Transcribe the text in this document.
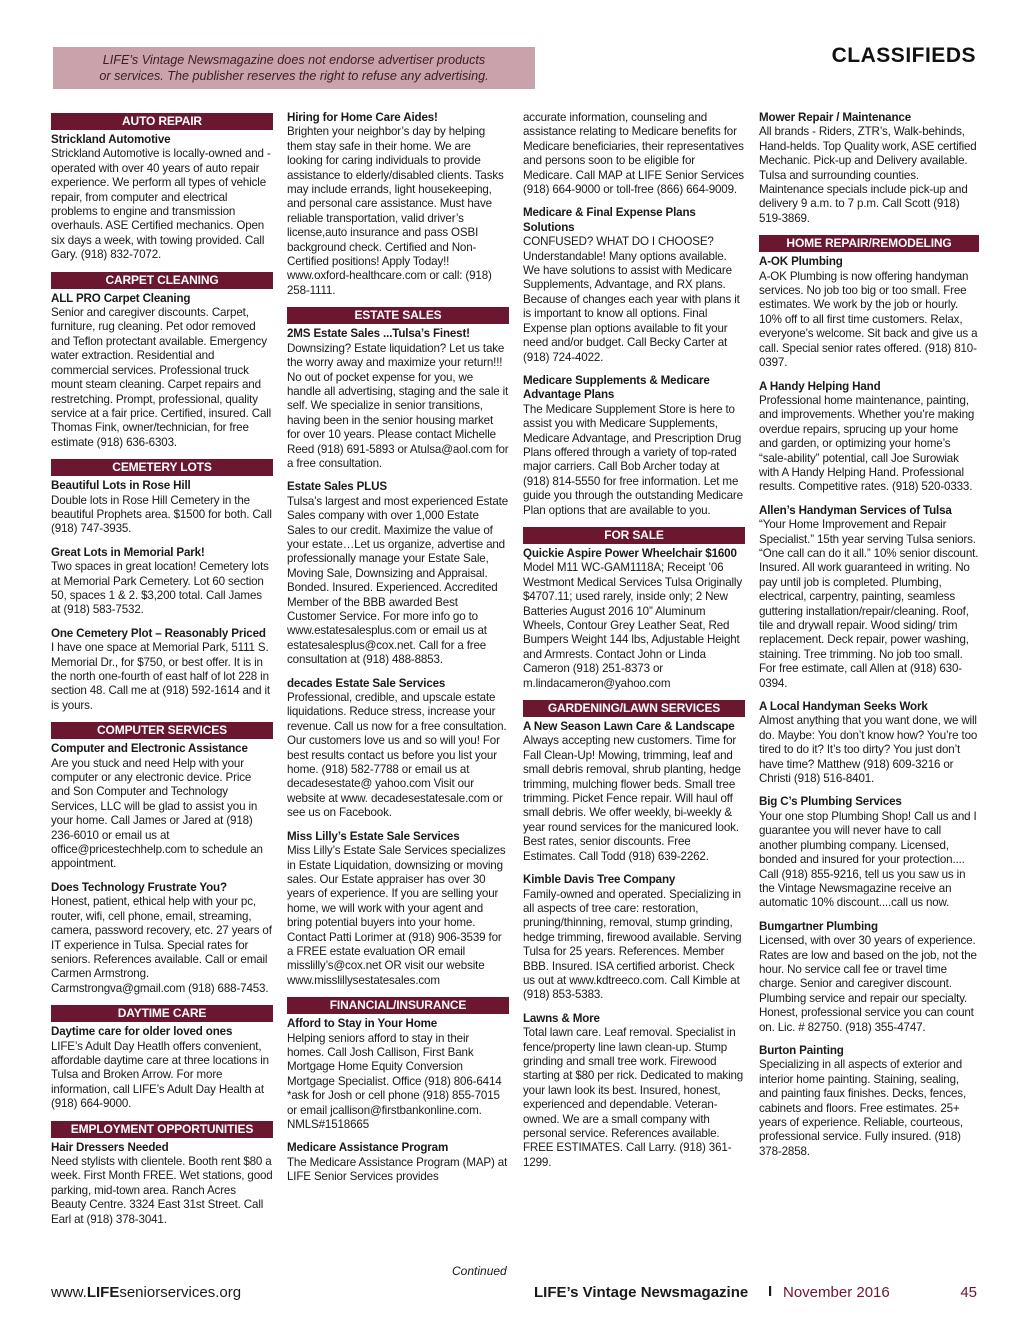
LIFE’s Vintage Newsmagazine does not endorse advertiser products
or services. The publisher reserves the right to refuse any advertising.
CLASSIFIEDS
AUTO REPAIR
Strickland Automotive
Strickland Automotive is locally-owned and - operated with over 40 years of auto repair experience. We perform all types of vehicle repair, from computer and electrical problems to engine and transmission overhauls. ASE Certified mechanics. Open six days a week, with towing provided. Call Gary. (918) 832-7072.
CARPET CLEANING
ALL PRO Carpet Cleaning
Senior and caregiver discounts. Carpet, furniture, rug cleaning. Pet odor removed and Teflon protectant available. Emergency water extraction. Residential and commercial services. Professional truck mount steam cleaning. Carpet repairs and restretching. Prompt, professional, quality service at a fair price. Certified, insured. Call Thomas Fink, owner/technician, for free estimate (918) 636-6303.
CEMETERY LOTS
Beautiful Lots in Rose Hill
Double lots in Rose Hill Cemetery in the beautiful Prophets area. $1500 for both. Call (918) 747-3935.
Great Lots in Memorial Park!
Two spaces in great location! Cemetery lots at Memorial Park Cemetery. Lot 60 section 50, spaces 1 & 2. $3,200 total. Call James at (918) 583-7532.
One Cemetery Plot – Reasonably Priced
I have one space at Memorial Park, 5111 S. Memorial Dr., for $750, or best offer. It is in the north one-fourth of east half of lot 228 in section 48. Call me at (918) 592-1614 and it is yours.
COMPUTER SERVICES
Computer and Electronic Assistance
Are you stuck and need Help with your computer or any electronic device. Price and Son Computer and Technology Services, LLC will be glad to assist you in your home. Call James or Jared at (918) 236-6010 or email us at office@pricestechhelp.com to schedule an appointment.
Does Technology Frustrate You?
Honest, patient, ethical help with your pc, router, wifi, cell phone, email, streaming, camera, password recovery, etc. 27 years of IT experience in Tulsa. Special rates for seniors. References available. Call or email Carmen Armstrong. Carmstrongva@gmail.com (918) 688-7453.
DAYTIME CARE
Daytime care for older loved ones
LIFE’s Adult Day Heatlh offers convenient, affordable daytime care at three locations in Tulsa and Broken Arrow. For more information, call LIFE’s Adult Day Health at (918) 664-9000.
EMPLOYMENT OPPORTUNITIES
Hair Dressers Needed
Need stylists with clientele. Booth rent $80 a week. First Month FREE. Wet stations, good parking, mid-town area. Ranch Acres Beauty Centre. 3324 East 31st Street. Call Earl at (918) 378-3041.
Hiring for Home Care Aides!
Brighten your neighbor’s day by helping them stay safe in their home. We are looking for caring individuals to provide assistance to elderly/disabled clients. Tasks may include errands, light housekeeping, and personal care assistance. Must have reliable transportation, valid driver’s license,auto insurance and pass OSBI background check. Certified and Non-Certified positions! Apply Today!! www.oxford-healthcare.com or call: (918) 258-1111.
ESTATE SALES
2MS Estate Sales ...Tulsa’s Finest!
Downsizing? Estate liquidation? Let us take the worry away and maximize your return!!! No out of pocket expense for you, we handle all advertising, staging and the sale it self. We specialize in senior transitions, having been in the senior housing market for over 10 years. Please contact Michelle Reed (918) 691-5893 or Atulsa@aol.com for a free consultation.
Estate Sales PLUS
Tulsa’s largest and most experienced Estate Sales company with over 1,000 Estate Sales to our credit. Maximize the value of your estate…Let us organize, advertise and professionally manage your Estate Sale, Moving Sale, Downsizing and Appraisal. Bonded. Insured. Experienced. Accredited Member of the BBB awarded Best Customer Service. For more info go to www.estatesalesplus.com or email us at estatesalesplus@cox.net. Call for a free consultation at (918) 488-8853.
decades Estate Sale Services
Professional, credible, and upscale estate liquidations. Reduce stress, increase your revenue. Call us now for a free consultation. Our customers love us and so will you! For best results contact us before you list your home. (918) 582-7788 or email us at decadesestate@ yahoo.com Visit our website at www. decadesestatesale.com or see us on Facebook.
Miss Lilly’s Estate Sale Services
Miss Lilly’s Estate Sale Services specializes in Estate Liquidation, downsizing or moving sales. Our Estate appraiser has over 30 years of experience. If you are selling your home, we will work with your agent and bring potential buyers into your home. Contact Patti Lorimer at (918) 906-3539 for a FREE estate evaluation OR email misslilly’s@cox.net OR visit our website www.misslillysestatesales.com
FINANCIAL/INSURANCE
Afford to Stay in Your Home
Helping seniors afford to stay in their homes. Call Josh Callison, First Bank Mortgage Home Equity Conversion Mortgage Specialist. Office (918) 806-6414 *ask for Josh or cell phone (918) 855-7015 or email jcallison@firstbankonline.com. NMLS#1518665
Medicare Assistance Program
The Medicare Assistance Program (MAP) at LIFE Senior Services provides
accurate information, counseling and assistance relating to Medicare benefits for Medicare beneficiaries, their representatives and persons soon to be eligible for Medicare. Call MAP at LIFE Senior Services (918) 664-9000 or toll-free (866) 664-9009.
Medicare & Final Expense Plans Solutions
CONFUSED? WHAT DO I CHOOSE? Understandable! Many options available. We have solutions to assist with Medicare Supplements, Advantage, and RX plans. Because of changes each year with plans it is important to know all options. Final Expense plan options available to fit your need and/or budget. Call Becky Carter at (918) 724-4022.
Medicare Supplements & Medicare Advantage Plans
The Medicare Supplement Store is here to assist you with Medicare Supplements, Medicare Advantage, and Prescription Drug Plans offered through a variety of top-rated major carriers. Call Bob Archer today at (918) 814-5550 for free information. Let me guide you through the outstanding Medicare Plan options that are available to you.
FOR SALE
Quickie Aspire Power Wheelchair $1600
Model M11 WC-GAM1118A; Receipt ’06 Westmont Medical Services Tulsa Originally $4707.11; used rarely, inside only; 2 New Batteries August 2016 10” Aluminum Wheels, Contour Grey Leather Seat, Red Bumpers Weight 144 lbs, Adjustable Height and Armrests. Contact John or Linda Cameron (918) 251-8373 or m.lindacameron@yahoo.com
GARDENING/LAWN SERVICES
A New Season Lawn Care & Landscape
Always accepting new customers. Time for Fall Clean-Up! Mowing, trimming, leaf and small debris removal, shrub planting, hedge trimming, mulching flower beds. Small tree trimming. Picket Fence repair. Will haul off small debris. We offer weekly, bi-weekly & year round services for the manicured look. Best rates, senior discounts. Free Estimates. Call Todd (918) 639-2262.
Kimble Davis Tree Company
Family-owned and operated. Specializing in all aspects of tree care: restoration, pruning/thinning, removal, stump grinding, hedge trimming, firewood available. Serving Tulsa for 25 years. References. Member BBB. Insured. ISA certified arborist. Check us out at www.kdtreeco.com. Call Kimble at (918) 853-5383.
Lawns & More
Total lawn care. Leaf removal. Specialist in fence/property line lawn clean-up. Stump grinding and small tree work. Firewood starting at $80 per rick. Dedicated to making your lawn look its best. Insured, honest, experienced and dependable. Veteran-owned. We are a small company with personal service. References available. FREE ESTIMATES. Call Larry. (918) 361-1299.
Mower Repair / Maintenance
All brands - Riders, ZTR’s, Walk-behinds, Hand-helds. Top Quality work, ASE certified Mechanic. Pick-up and Delivery available. Tulsa and surrounding counties. Maintenance specials include pick-up and delivery 9 a.m. to 7 p.m. Call Scott (918) 519-3869.
HOME REPAIR/REMODELING
A-OK Plumbing
A-OK Plumbing is now offering handyman services. No job too big or too small. Free estimates. We work by the job or hourly. 10% off to all first time customers. Relax, everyone’s welcome. Sit back and give us a call. Special senior rates offered. (918) 810-0397.
A Handy Helping Hand
Professional home maintenance, painting, and improvements. Whether you’re making overdue repairs, sprucing up your home and garden, or optimizing your home’s “sale-ability” potential, call Joe Surowiak with A Handy Helping Hand. Professional results. Competitive rates. (918) 520-0333.
Allen’s Handyman Services of Tulsa
“Your Home Improvement and Repair Specialist.” 15th year serving Tulsa seniors. “One call can do it all.” 10% senior discount. Insured. All work guaranteed in writing. No pay until job is completed. Plumbing, electrical, carpentry, painting, seamless guttering installation/repair/cleaning. Roof, tile and drywall repair. Wood siding/ trim replacement. Deck repair, power washing, staining. Tree trimming. No job too small. For free estimate, call Allen at (918) 630-0394.
A Local Handyman Seeks Work
Almost anything that you want done, we will do. Maybe: You don’t know how? You’re too tired to do it? It’s too dirty? You just don’t have time? Matthew (918) 609-3216 or Christi (918) 516-8401.
Big C’s Plumbing Services
Your one stop Plumbing Shop! Call us and I guarantee you will never have to call another plumbing company. Licensed, bonded and insured for your protection.... Call (918) 855-9216, tell us you saw us in the Vintage Newsmagazine receive an automatic 10% discount....call us now.
Bumgartner Plumbing
Licensed, with over 30 years of experience. Rates are low and based on the job, not the hour. No service call fee or travel time charge. Senior and caregiver discount. Plumbing service and repair our specialty. Honest, professional service you can count on. Lic. # 82750. (918) 355-4747.
Burton Painting
Specializing in all aspects of exterior and interior home painting. Staining, sealing, and painting faux finishes. Decks, fences, cabinets and floors. Free estimates. 25+ years of experience. Reliable, courteous, professional service. Fully insured. (918) 378-2858.
Continued
www.LIFEseniorservices.org	LIFE’s Vintage Newsmagazine I November 2016	45
